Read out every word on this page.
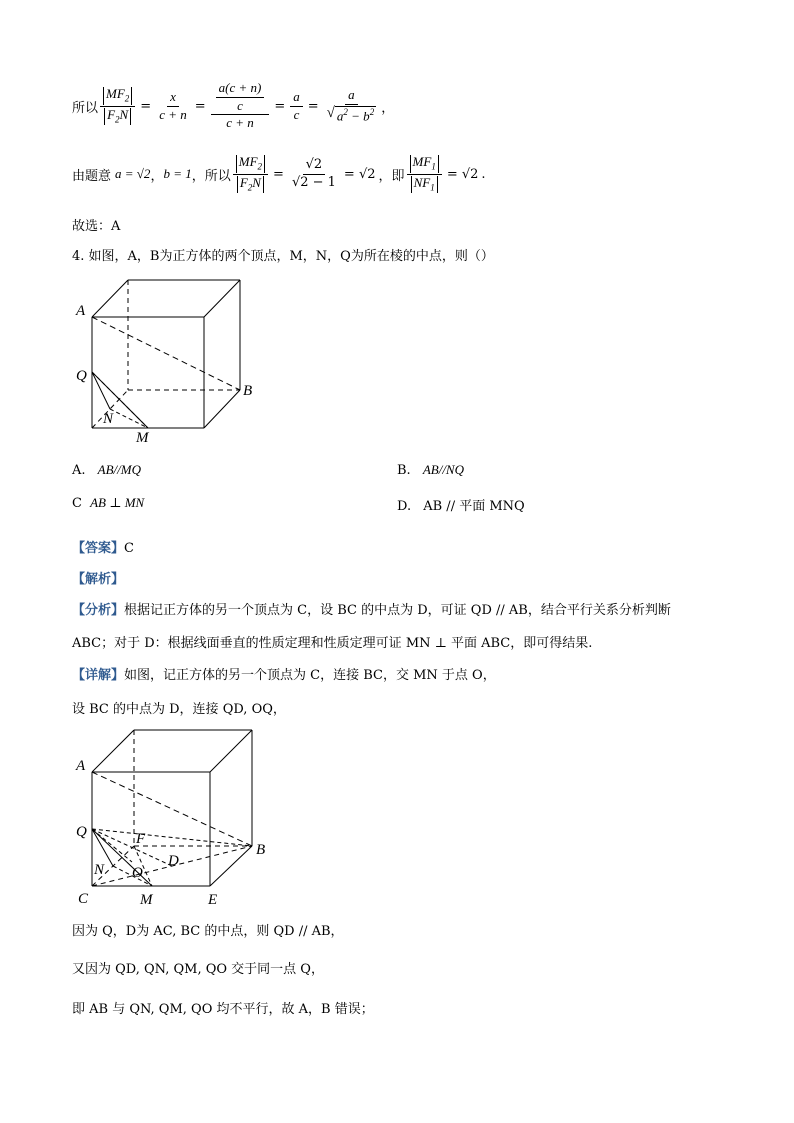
所以 $\frac{MF_2}{F_2N} = \frac{x}{c + n} = \frac{\frac{a(c + n)}{c}}{c + n} = \frac{a}{c} = \frac{a}{√ a^2 - b^2}$ ，
由题意 a = √2 ， b = 1 ，所以 $\frac{MF_2}{F_2N} = \frac{√2}{√2 - 1} = √2$ ，即 $\frac{MF_1}{NF_1} = √2$ .
故选：A
4. 如图，A，B为正方体的两个顶点，M，N，Q为所在棱的中点，则（）
A
B
Q
N
M
A. AB//MQ	B. AB//NQ
C AB ⊥ MN	D. AB // 平面 MNQ
【答案】C
【解析】
【分析】根据记正方体的另一个顶点为 C，设 BC 的中点为 D，可证 QD // AB，结合平行关系分析判断
ABC；对于 D：根据线面垂直的性质定理和性质定理可证 MN ⊥ 平面 ABC，即可得结果.
【详解】如图，记正方体的另一个顶点为 C，连接 BC，交 MN 于点 O，
设 BC 的中点为 D，连接 QD, OQ，
A
B
Q
N
M
C	E
F
D
O
因为 Q，D为 AC, BC 的中点，则 QD // AB，
又因为 QD, QN, QM, QO 交于同一点 Q，
即 AB 与 QN, QM, QO 均不平行，故 A，B 错误；
